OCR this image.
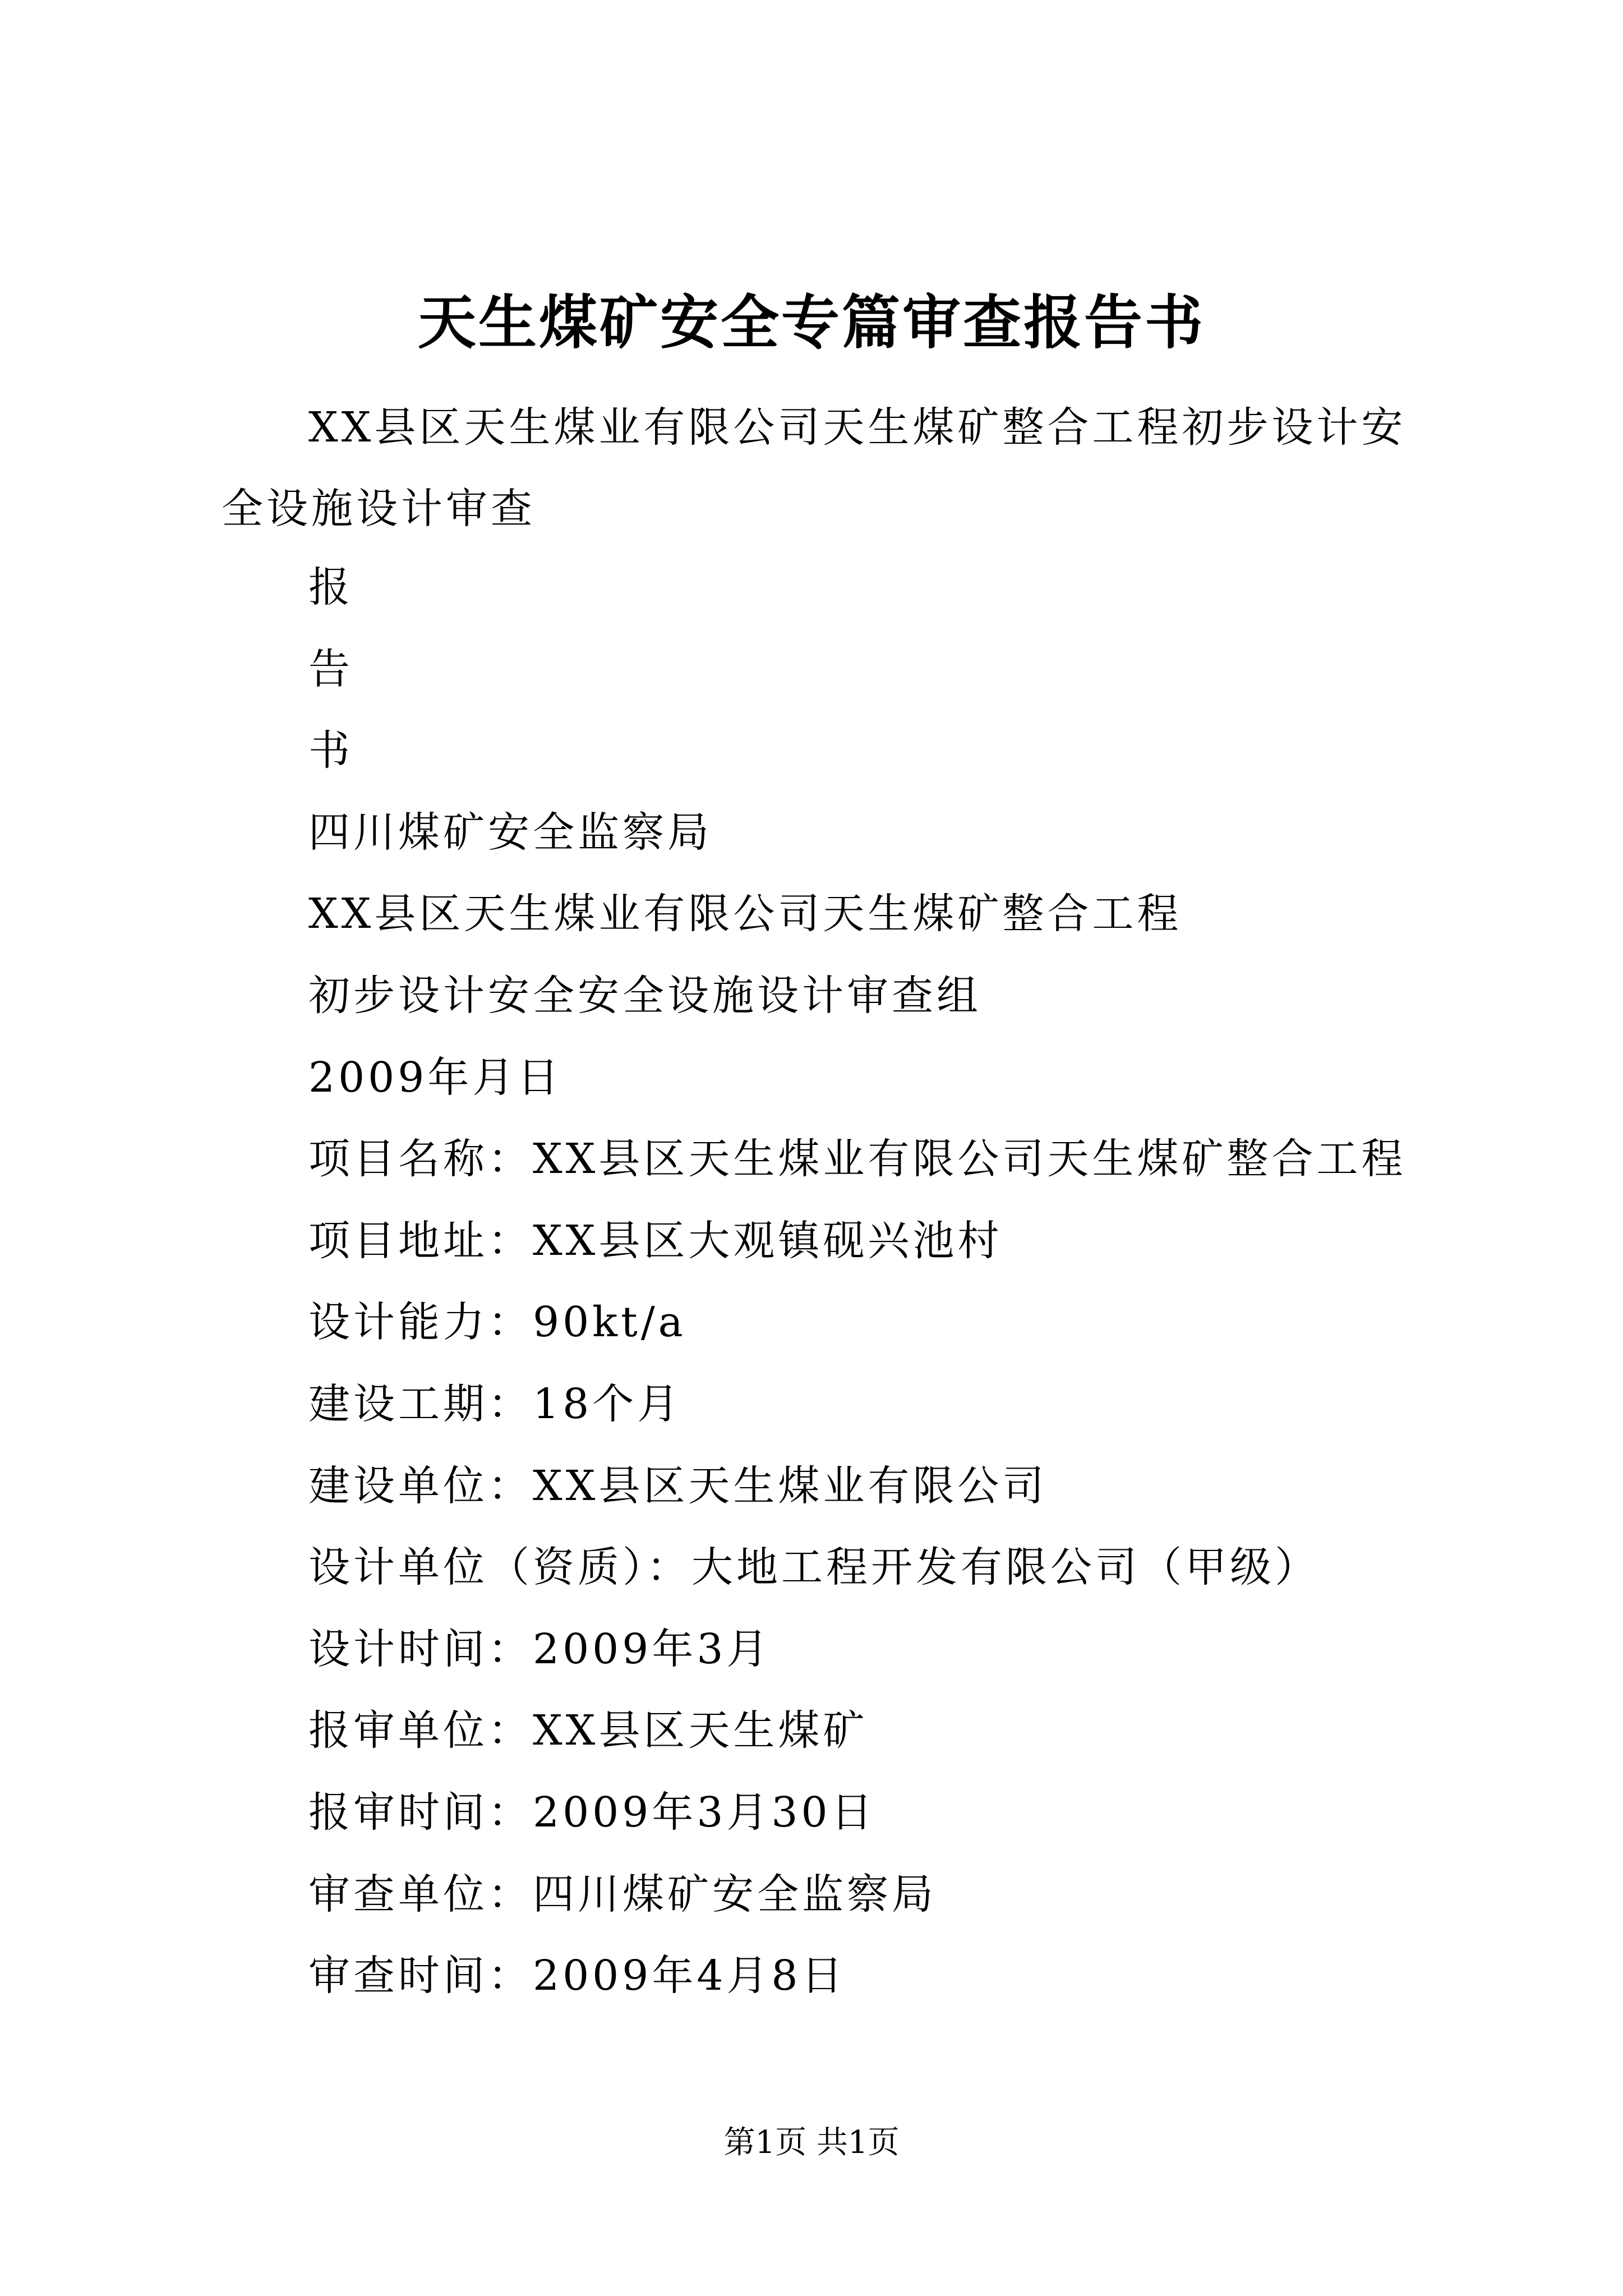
天生煤矿安全专篇审查报告书

XX县区天生煤业有限公司天生煤矿整合工程初步设计安全设施设计审查

报
告
书
四川煤矿安全监察局
XX县区天生煤业有限公司天生煤矿整合工程
初步设计安全安全设施设计审查组
2009年月日
项目名称：XX县区天生煤业有限公司天生煤矿整合工程
项目地址：XX县区大观镇砚兴池村
设计能力：90kt/a
建设工期：18个月
建设单位：XX县区天生煤业有限公司
设计单位（资质）：大地工程开发有限公司（甲级）
设计时间：2009年3月
报审单位：XX县区天生煤矿
报审时间：2009年3月30日
审查单位：四川煤矿安全监察局
审查时间：2009年4月8日
第1页 共1页
